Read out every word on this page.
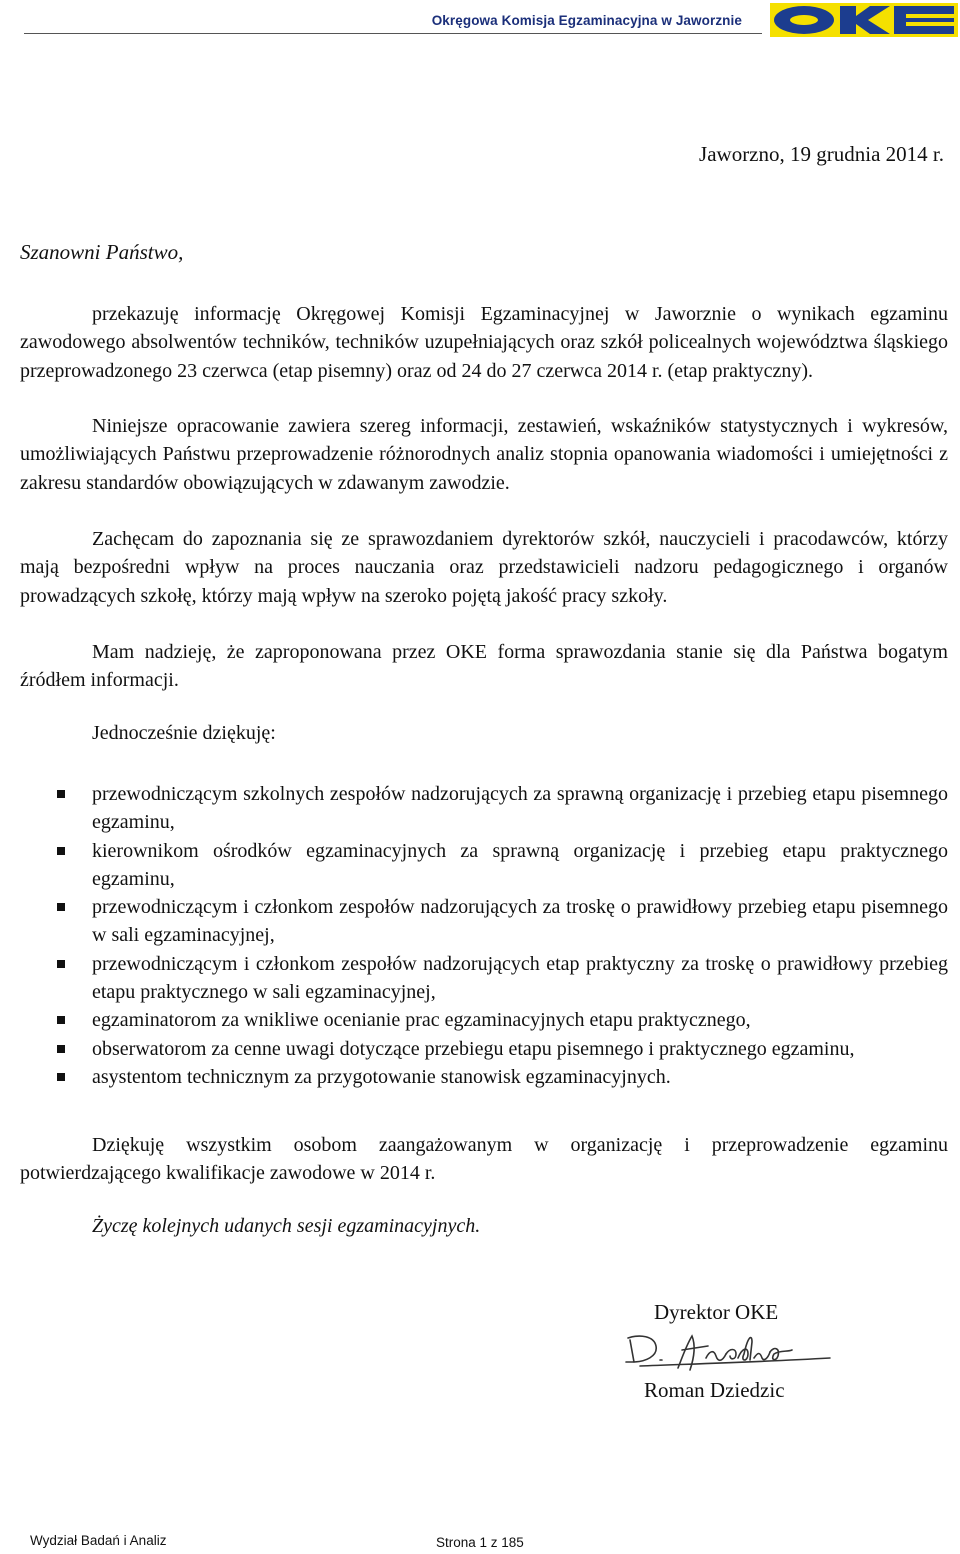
Okręgowa Komisja Egzaminacyjna w Jaworznie
Jaworzno, 19 grudnia 2014 r.
Szanowni Państwo,

przekazuję informację Okręgowej Komisji Egzaminacyjnej w Jaworznie o wynikach egzaminu zawodowego absolwentów techników, techników uzupełniających oraz szkół policealnych województwa śląskiego przeprowadzonego 23 czerwca (etap pisemny) oraz od 24 do 27 czerwca 2014 r. (etap praktyczny).

Niniejsze opracowanie zawiera szereg informacji, zestawień, wskaźników statystycznych i wykresów, umożliwiających Państwu przeprowadzenie różnorodnych analiz stopnia opanowania wiadomości i umiejętności z zakresu standardów obowiązujących w zdawanym zawodzie.

Zachęcam do zapoznania się ze sprawozdaniem dyrektorów szkół, nauczycieli i pracodawców, którzy mają bezpośredni wpływ na proces nauczania oraz przedstawicieli nadzoru pedagogicznego i organów prowadzących szkołę, którzy mają wpływ na szeroko pojętą jakość pracy szkoły.

Mam nadzieję, że zaproponowana przez OKE forma sprawozdania stanie się dla Państwa bogatym źródłem informacji.

Jednocześnie dziękuję:
przewodniczącym szkolnych zespołów nadzorujących za sprawną organizację i przebieg etapu pisemnego egzaminu,
kierownikom ośrodków egzaminacyjnych za sprawną organizację i przebieg etapu praktycznego egzaminu,
przewodniczącym i członkom zespołów nadzorujących za troskę o prawidłowy przebieg etapu pisemnego w sali egzaminacyjnej,
przewodniczącym i członkom zespołów nadzorujących etap praktyczny za troskę o prawidłowy przebieg etapu praktycznego w sali egzaminacyjnej,
egzaminatorom za wnikliwe ocenianie prac egzaminacyjnych etapu praktycznego,
obserwatorom za cenne uwagi dotyczące przebiegu etapu pisemnego i praktycznego egzaminu,
asystentom technicznym za przygotowanie stanowisk egzaminacyjnych.

Dziękuję wszystkim osobom zaangażowanym w organizację i przeprowadzenie egzaminu potwierdzającego kwalifikacje zawodowe w 2014 r.

Życzę kolejnych udanych sesji egzaminacyjnych.
Dyrektor OKE
Roman Dziedzic
Wydział Badań i Analiz	Strona 1 z 185
